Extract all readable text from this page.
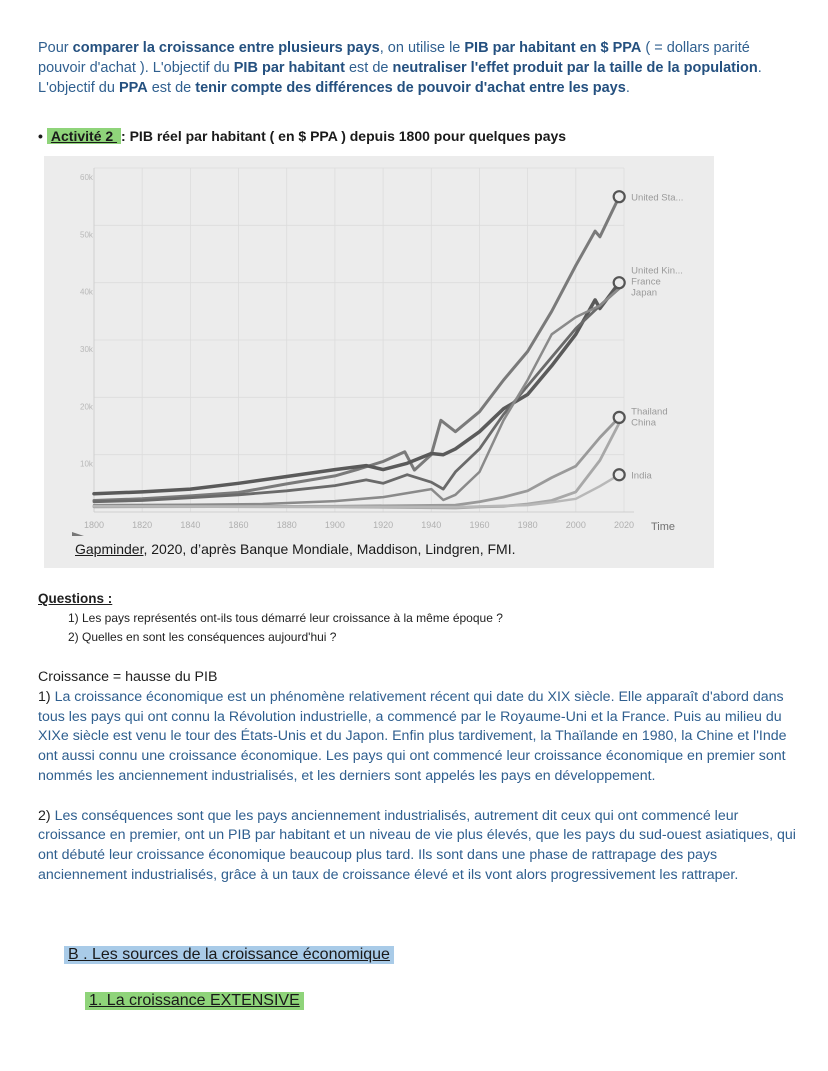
Pour comparer la croissance entre plusieurs pays, on utilise le PIB par habitant en $ PPA ( = dollars parité pouvoir d'achat ). L'objectif du PIB par habitant est de neutraliser l'effet produit par la taille de la population. L'objectif du PPA est de tenir compte des différences de pouvoir d'achat entre les pays.
• Activité 2 : PIB réel par habitant ( en $ PPA ) depuis 1800 pour quelques pays
1800	1820	1840	1860	1880	1900	1920	1940	1960	1980	2000	2020
10k
20k
30k
40k
50k
60k
Time
United Sta...
United Kin...
France
Japan
Thailand
China
India
Gapminder, 2020, d’après Banque Mondiale, Maddison, Lindgren, FMI.
Questions :
1) Les pays représentés ont-ils tous démarré leur croissance à la même époque ?
2) Quelles en sont les conséquences aujourd'hui ?

Croissance = hausse du PIB

1) La croissance économique est un phénomène relativement récent qui date du XIX siècle. Elle apparaît d'abord dans tous les pays qui ont connu la Révolution industrielle, a commencé par le Royaume-Uni et la France. Puis au milieu du XIXe siècle est venu le tour des États-Unis et du Japon. Enfin plus tardivement, la Thaïlande en 1980, la Chine et l'Inde ont aussi connu une croissance économique. Les pays qui ont commencé leur croissance économique en premier sont nommés les anciennement industrialisés, et les derniers sont appelés les pays en développement.

2) Les conséquences sont que les pays anciennement industrialisés, autrement dit ceux qui ont commencé leur croissance en premier, ont un PIB par habitant et un niveau de vie plus élevés, que les pays du sud-ouest asiatiques, qui ont débuté leur croissance économique beaucoup plus tard. Ils sont dans une phase de rattrapage des pays anciennement industrialisés, grâce à un taux de croissance élevé et ils vont alors progressivement les rattraper.

B . Les sources de la croissance économique
1. La croissance EXTENSIVE
